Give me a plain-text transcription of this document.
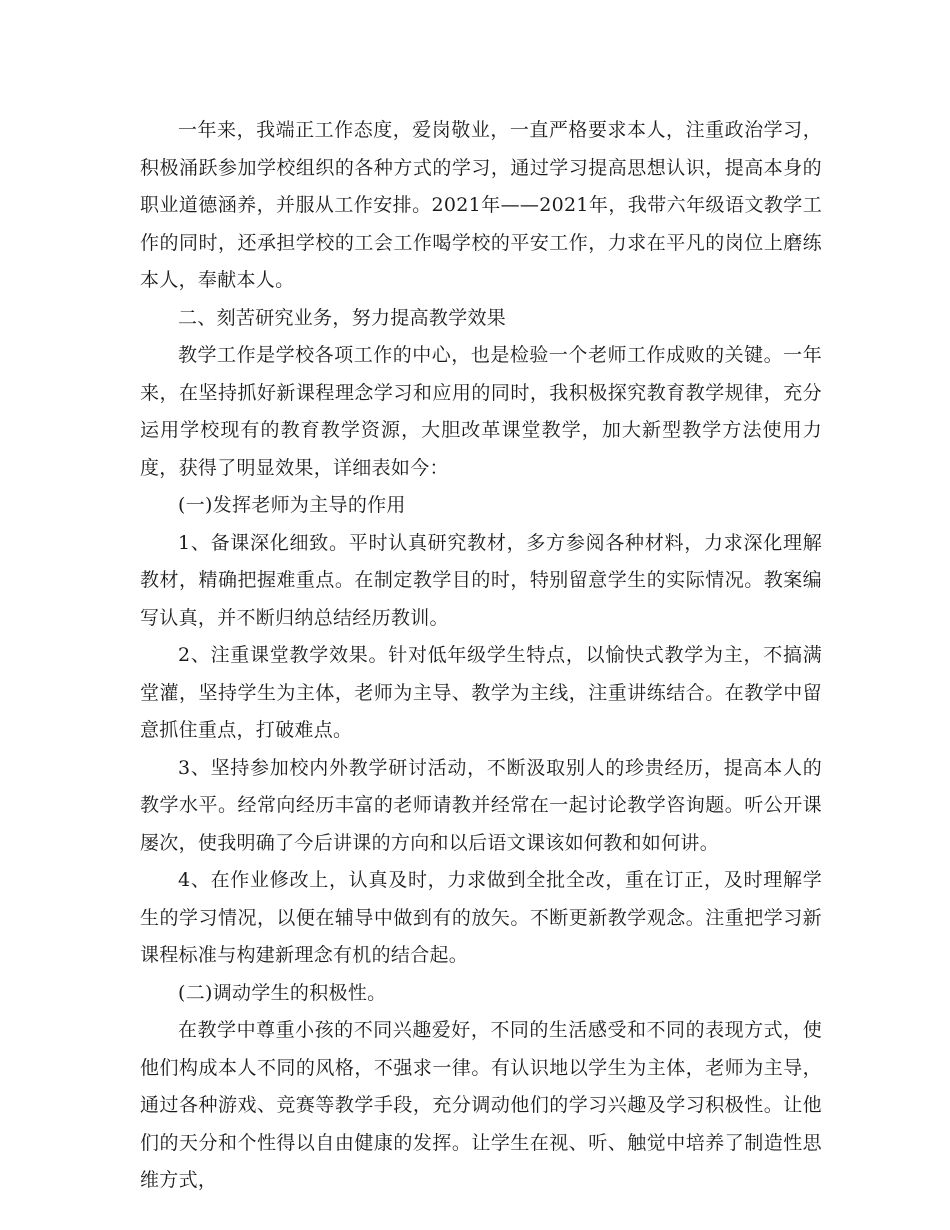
一年来，我端正工作态度，爱岗敬业，一直严格要求本人，注重政治学习，积极涌跃参加学校组织的各种方式的学习，通过学习提高思想认识，提高本身的职业道德涵养，并服从工作安排。2021年——2021年，我带六年级语文教学工作的同时，还承担学校的工会工作喝学校的平安工作，力求在平凡的岗位上磨练本人，奉献本人。

二、刻苦研究业务，努力提高教学效果

教学工作是学校各项工作的中心，也是检验一个老师工作成败的关键。一年来，在坚持抓好新课程理念学习和应用的同时，我积极探究教育教学规律，充分运用学校现有的教育教学资源，大胆改革课堂教学，加大新型教学方法使用力度，获得了明显效果，详细表如今：

(一)发挥老师为主导的作用

1、备课深化细致。平时认真研究教材，多方参阅各种材料，力求深化理解教材，精确把握难重点。在制定教学目的时，特别留意学生的实际情况。教案编写认真，并不断归纳总结经历教训。

2、注重课堂教学效果。针对低年级学生特点，以愉快式教学为主，不搞满堂灌，坚持学生为主体，老师为主导、教学为主线，注重讲练结合。在教学中留意抓住重点，打破难点。

3、坚持参加校内外教学研讨活动，不断汲取别人的珍贵经历，提高本人的教学水平。经常向经历丰富的老师请教并经常在一起讨论教学咨询题。听公开课屡次，使我明确了今后讲课的方向和以后语文课该如何教和如何讲。

4、在作业修改上，认真及时，力求做到全批全改，重在订正，及时理解学生的学习情况，以便在辅导中做到有的放矢。不断更新教学观念。注重把学习新课程标准与构建新理念有机的结合起。

(二)调动学生的积极性。

在教学中尊重小孩的不同兴趣爱好，不同的生活感受和不同的表现方式，使他们构成本人不同的风格，不强求一律。有认识地以学生为主体，老师为主导，通过各种游戏、竞赛等教学手段，充分调动他们的学习兴趣及学习积极性。让他们的天分和个性得以自由健康的发挥。让学生在视、听、触觉中培养了制造性思维方式，
